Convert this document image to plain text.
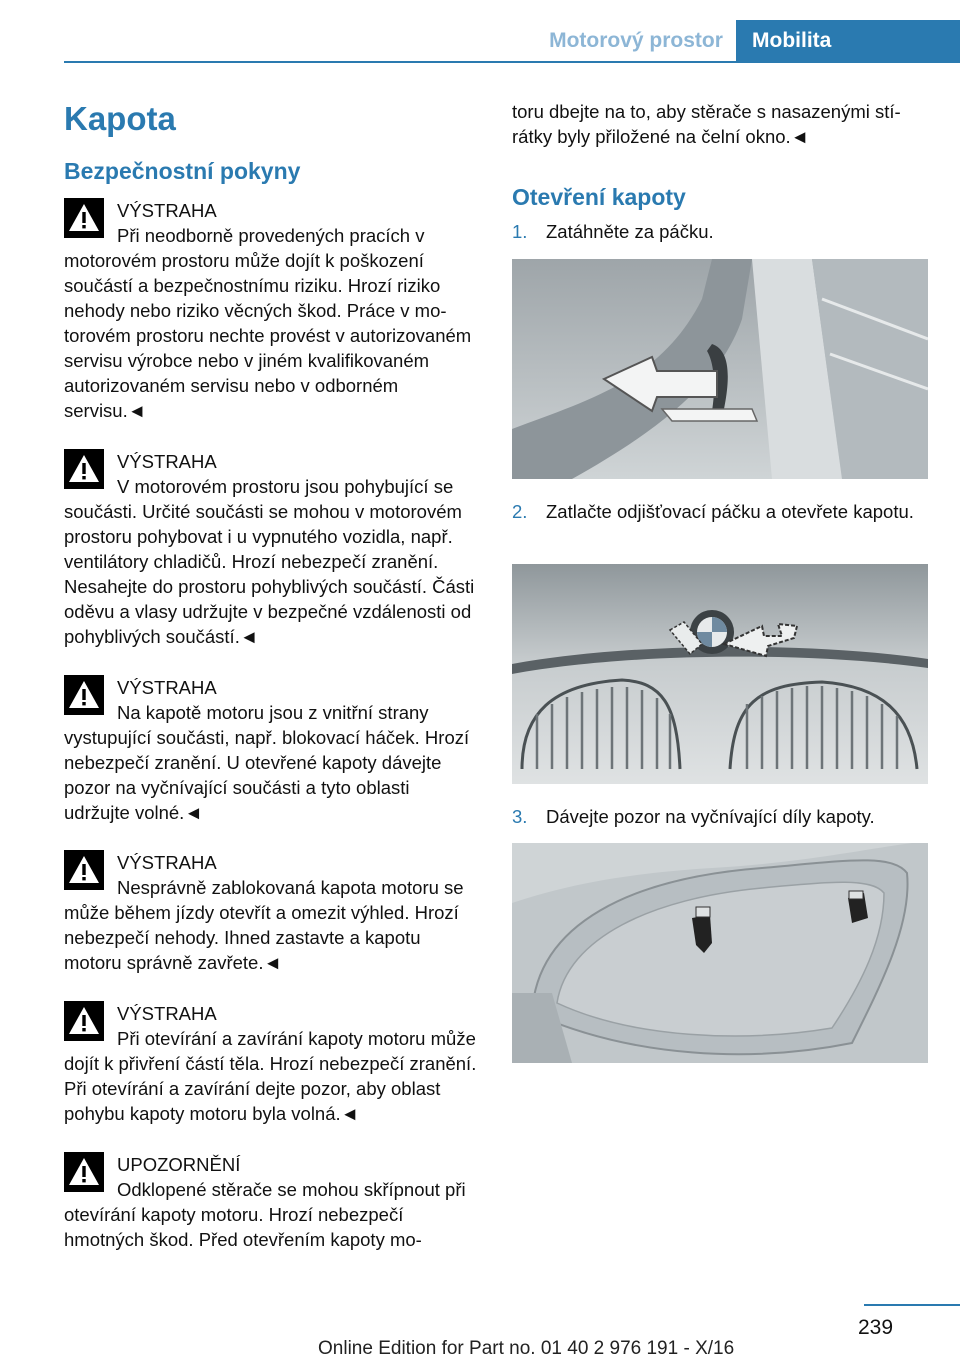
Motorový prostor	Mobilita
Kapota
Bezpečnostní pokyny
VÝSTRAHA

Při neodborně provedených pracích v motorovém prostoru může dojít k poškození součástí a bezpečnostnímu riziku. Hrozí riziko nehody nebo riziko věcných škod. Práce v motorovém prostoru nechte provést v autorizovaném servisu výrobce nebo v jiném kvalifikovaném autorizovaném servisu nebo v odborném servisu.◄

VÝSTRAHA

V motorovém prostoru jsou pohybující se součásti. Určité součásti se mohou v motorovém prostoru pohybovat i u vypnutého vozidla, např. ventilátory chladičů. Hrozí nebezpečí zranění. Nesahejte do prostoru pohyblivých součástí. Části oděvu a vlasy udržujte v bezpečné vzdálenosti od pohyblivých součástí.◄

VÝSTRAHA

Na kapotě motoru jsou z vnitřní strany vystupující součásti, např. blokovací háček. Hrozí nebezpečí zranění. U otevřené kapoty dávejte pozor na vyčnívající součásti a tyto oblasti udržujte volné.◄

VÝSTRAHA

Nesprávně zablokovaná kapota motoru se může během jízdy otevřít a omezit výhled. Hrozí nebezpečí nehody. Ihned zastavte a kapotu motoru správně zavřete.◄

VÝSTRAHA

Při otevírání a zavírání kapoty motoru může dojít k přivření částí těla. Hrozí nebezpečí zranění. Při otevírání a zavírání dejte pozor, aby oblast pohybu kapoty motoru byla volná.◄

UPOZORNĚNÍ

Odklopené stěrače se mohou skřípnout při otevírání kapoty motoru. Hrozí nebezpečí hmotných škod. Před otevřením kapoty mo-

toru dbejte na to, aby stěrače s nasazenými stírátky byly přiložené na čelní okno.◄

Otevření kapoty
1. Zatáhněte za páčku.
2. Zatlačte odjišťovací páčku a otevřete kapotu.
3. Dávejte pozor na vyčnívající díly kapoty.
239
Online Edition for Part no. 01 40 2 976 191 - X/16
